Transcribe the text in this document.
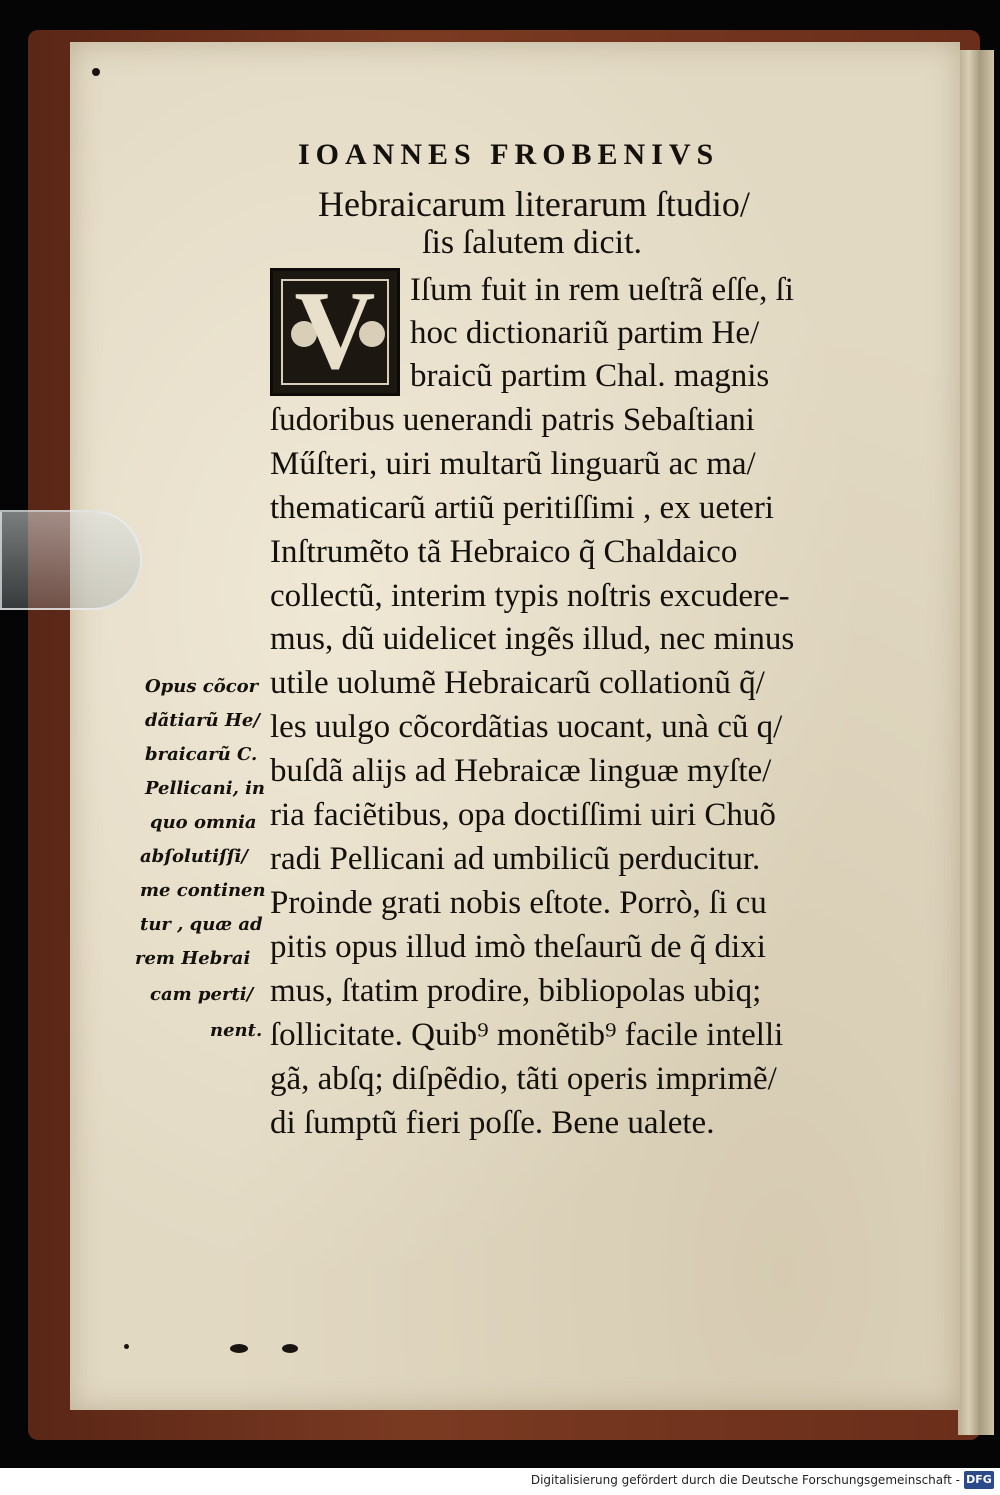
IOANNES FROBENIVS
Hebraicarum literarum ſtudio/
ſis ſalutem dicit.
V	Iſum fuit in rem ueſtrã eſſe, ſi
hoc dictionariũ partim He/
braicũ partim Chal. magnis
ſudoribus uenerandi patris Sebaſtiani
Műſteri, uiri multarũ linguarũ ac ma/
thematicarũ artiũ peritiſſimi , ex ueteri
Inſtrumẽto tã Hebraico q̃ Chaldaico
collectũ, interim typis noſtris excudere-
mus, dũ uidelicet ingẽs illud, nec minus
utile uolumẽ Hebraicarũ collationũ q̃/
les uulgo cõcordãtias uocant, unà cũ q/
buſdã alijs ad Hebraicæ linguæ myſte/
ria faciẽtibus, opa doctiſſimi uiri Chuõ
radi Pellicani ad umbilicũ perducitur.
Proinde grati nobis eſtote. Porrò, ſi cu
pitis opus illud imò theſaurũ de q̃ dixi
mus, ſtatim prodire, bibliopolas ubiq;
ſollicitate. Quib⁹ monẽtib⁹ facile intelli
gã, abſq; diſpẽdio, tãti operis imprimẽ/
di ſumptũ fieri poſſe. Bene ualete.
Opus cõcor
dãtiarũ He/
braicarũ C.
Pellicani, in
quo omnia
abſolutiſſi/
me continen
tur , quæ ad
rem Hebrai
cam perti/
nent.
Digitalisierung gefördert durch die Deutsche Forschungsgemeinschaft - DFG
